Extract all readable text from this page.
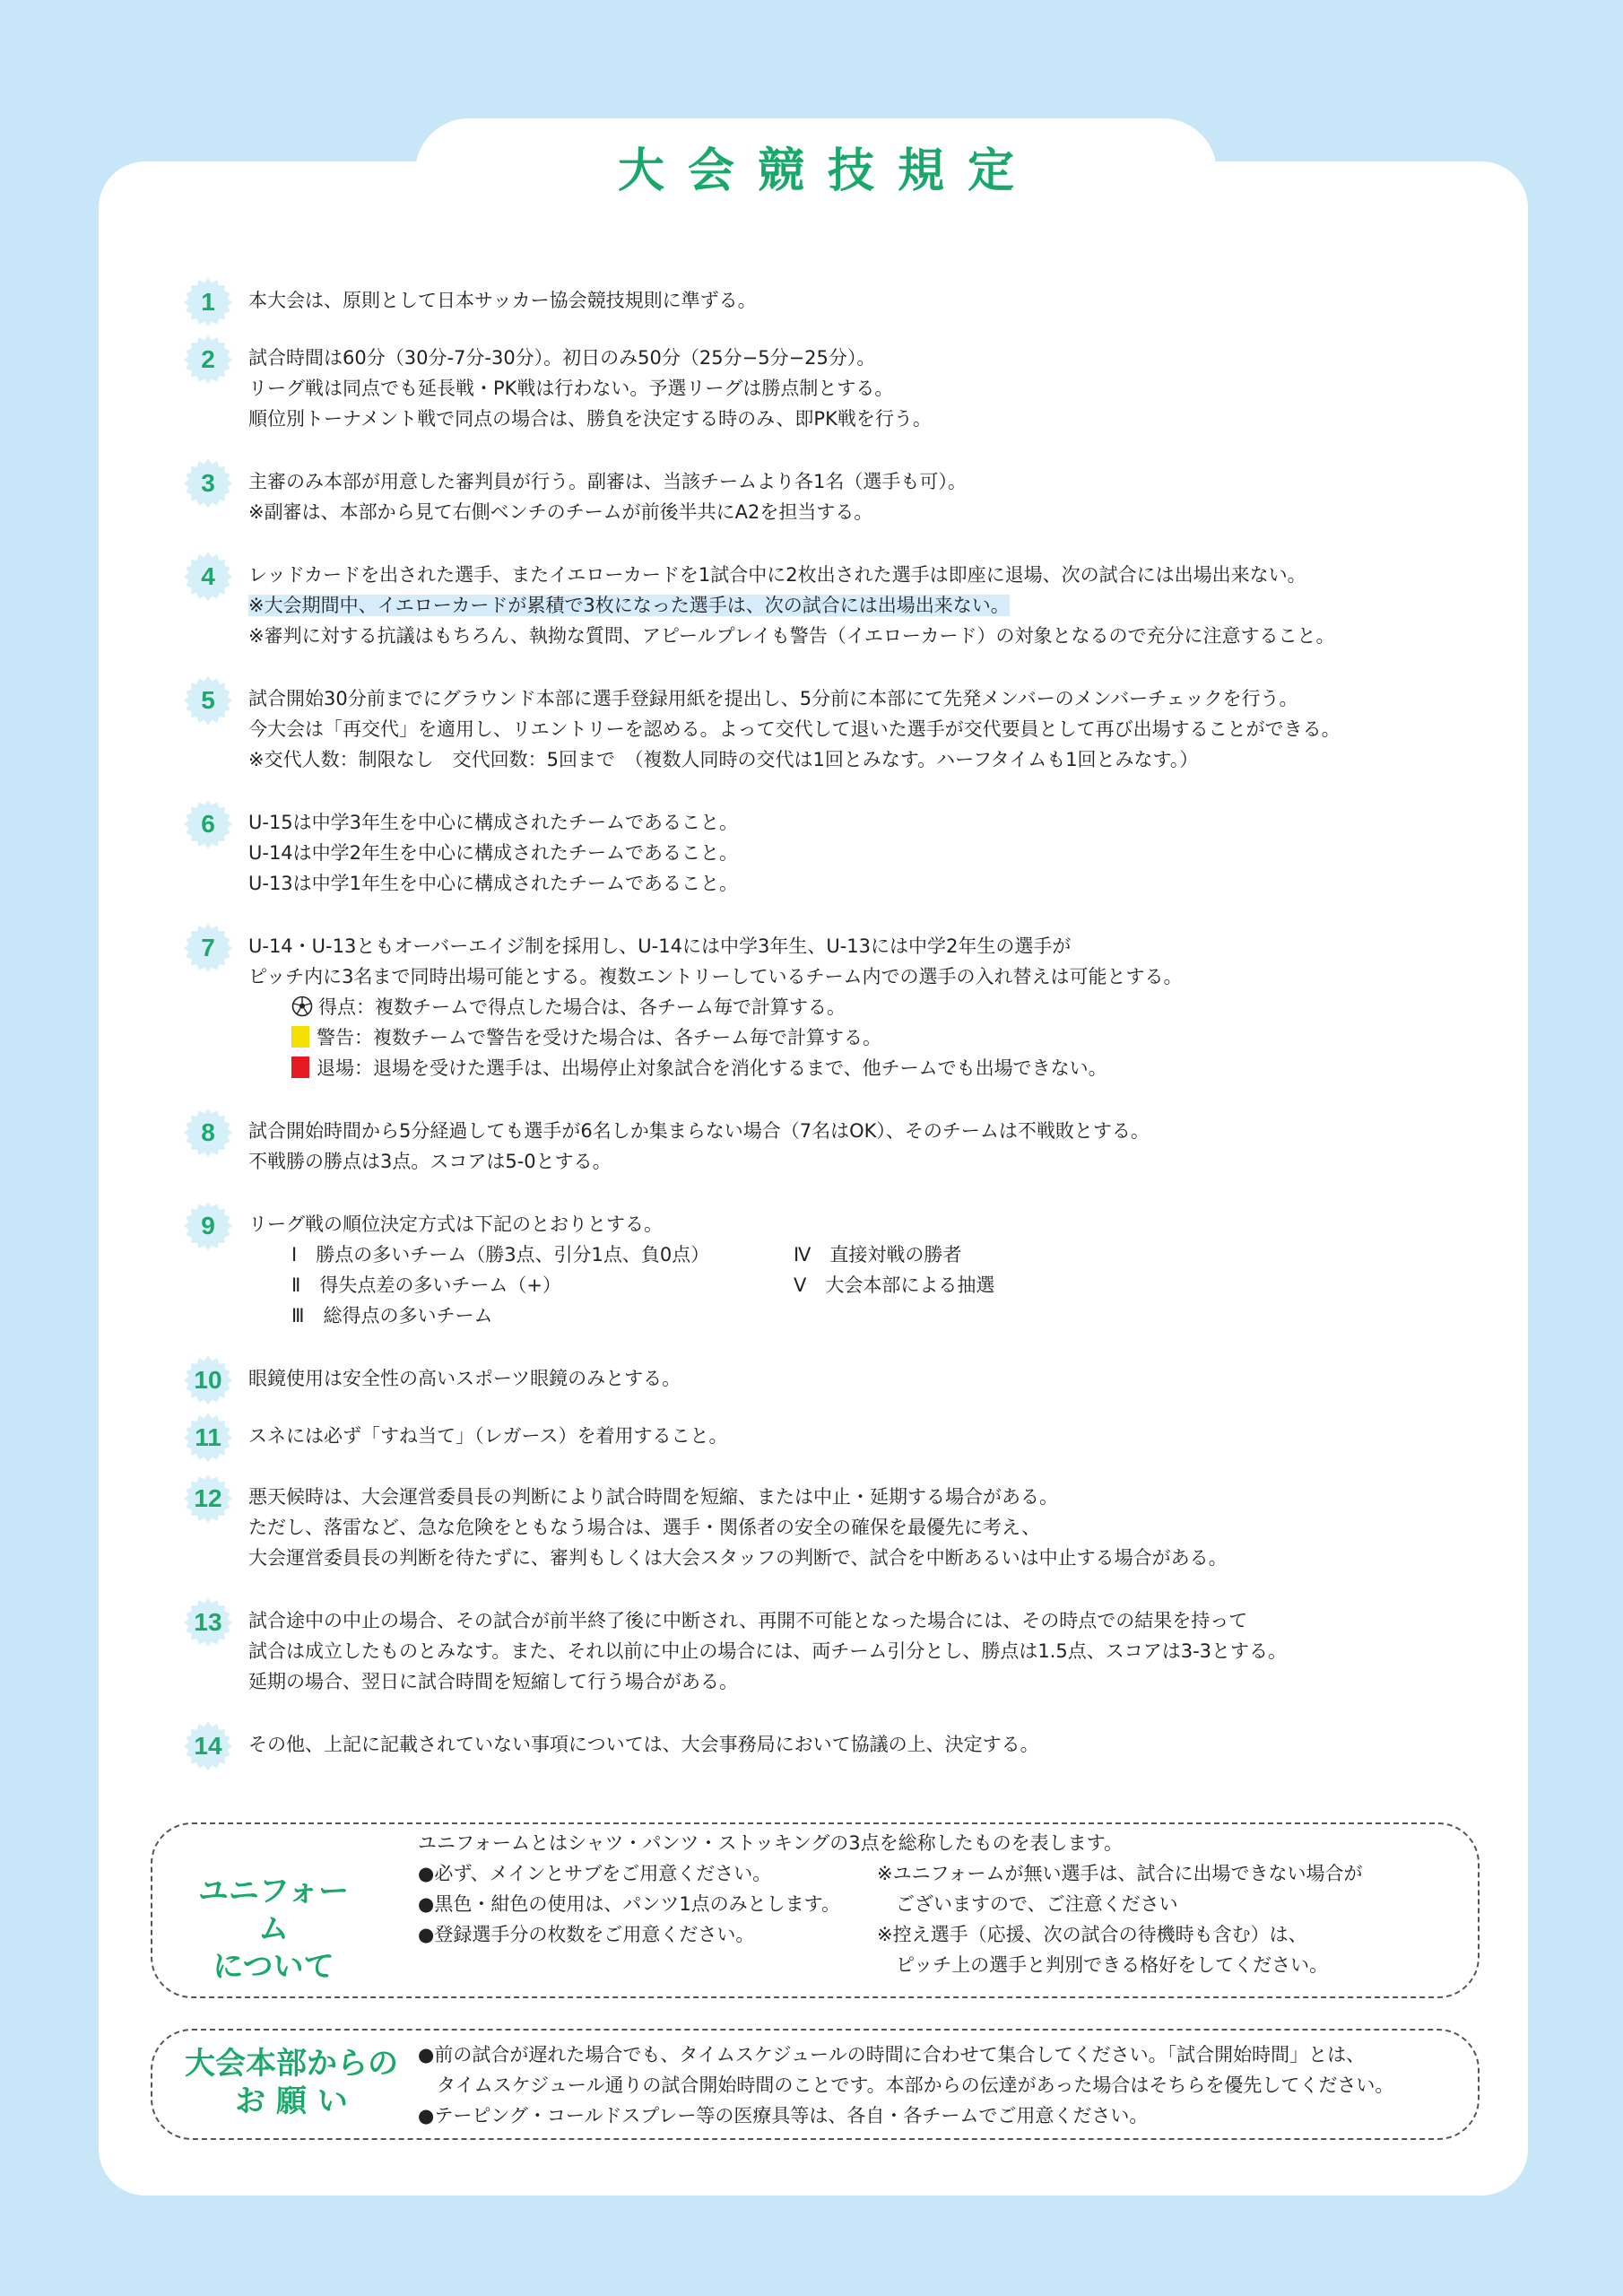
大会競技規定
1 本大会は、原則として日本サッカー協会競技規則に準ずる。
2 試合時間は60分（30分-7分-30分）。初日のみ50分（25分−5分−25分）。
リーグ戦は同点でも延長戦・PK戦は行わない。予選リーグは勝点制とする。
順位別トーナメント戦で同点の場合は、勝負を決定する時のみ、即PK戦を行う。
3 主審のみ本部が用意した審判員が行う。副審は、当該チームより各1名（選手も可）。
※副審は、本部から見て右側ベンチのチームが前後半共にA2を担当する。
4 レッドカードを出された選手、またイエローカードを1試合中に2枚出された選手は即座に退場、次の試合には出場出来ない。
※大会期間中、イエローカードが累積で3枚になった選手は、次の試合には出場出来ない。
※審判に対する抗議はもちろん、執拗な質問、アピールプレイも警告（イエローカード）の対象となるので充分に注意すること。
5 試合開始30分前までにグラウンド本部に選手登録用紙を提出し、5分前に本部にて先発メンバーのメンバーチェックを行う。
今大会は「再交代」を適用し、リエントリーを認める。よって交代して退いた選手が交代要員として再び出場することができる。
※交代人数：制限なし　交代回数：5回まで　（複数人同時の交代は1回とみなす。ハーフタイムも1回とみなす。）
6 U-15は中学3年生を中心に構成されたチームであること。
U-14は中学2年生を中心に構成されたチームであること。
U-13は中学1年生を中心に構成されたチームであること。
7 U-14・U-13ともオーバーエイジ制を採用し、U-14には中学3年生、U-13には中学2年生の選手が
ピッチ内に3名まで同時出場可能とする。複数エントリーしているチーム内での選手の入れ替えは可能とする。
得点：複数チームで得点した場合は、各チーム毎で計算する。
警告：複数チームで警告を受けた場合は、各チーム毎で計算する。
退場：退場を受けた選手は、出場停止対象試合を消化するまで、他チームでも出場できない。
8 試合開始時間から5分経過しても選手が6名しか集まらない場合（7名はOK）、そのチームは不戦敗とする。
不戦勝の勝点は3点。スコアは5-0とする。
9 リーグ戦の順位決定方式は下記のとおりとする。
Ⅰ　勝点の多いチーム（勝3点、引分1点、負0点）
Ⅱ　得失点差の多いチーム（+）
Ⅲ　総得点の多いチーム
Ⅳ　直接対戦の勝者
Ⅴ　大会本部による抽選
10 眼鏡使用は安全性の高いスポーツ眼鏡のみとする。
11 スネには必ず「すね当て」（レガース）を着用すること。
12 悪天候時は、大会運営委員長の判断により試合時間を短縮、または中止・延期する場合がある。
ただし、落雷など、急な危険をともなう場合は、選手・関係者の安全の確保を最優先に考え、
大会運営委員長の判断を待たずに、審判もしくは大会スタッフの判断で、試合を中断あるいは中止する場合がある。
13 試合途中の中止の場合、その試合が前半終了後に中断され、再開不可能となった場合には、その時点での結果を持って
試合は成立したものとみなす。また、それ以前に中止の場合には、両チーム引分とし、勝点は1.5点、スコアは3-3とする。
延期の場合、翌日に試合時間を短縮して行う場合がある。
14 その他、上記に記載されていない事項については、大会事務局において協議の上、決定する。
ユニフォーム
について
ユニフォームとはシャツ・パンツ・ストッキングの3点を総称したものを表します。
●必ず、メインとサブをご用意ください。
●黒色・紺色の使用は、パンツ1点のみとします。
●登録選手分の枚数をご用意ください。
※ユニフォームが無い選手は、試合に出場できない場合が
　ございますので、ご注意ください
※控え選手（応援、次の試合の待機時も含む）は、
　ピッチ上の選手と判別できる格好をしてください。
大会本部からの
お 願 い
●前の試合が遅れた場合でも、タイムスケジュールの時間に合わせて集合してください。「試合開始時間」とは、
　タイムスケジュール通りの試合開始時間のことです。本部からの伝達があった場合はそちらを優先してください。
●テーピング・コールドスプレー等の医療具等は、各自・各チームでご用意ください。
